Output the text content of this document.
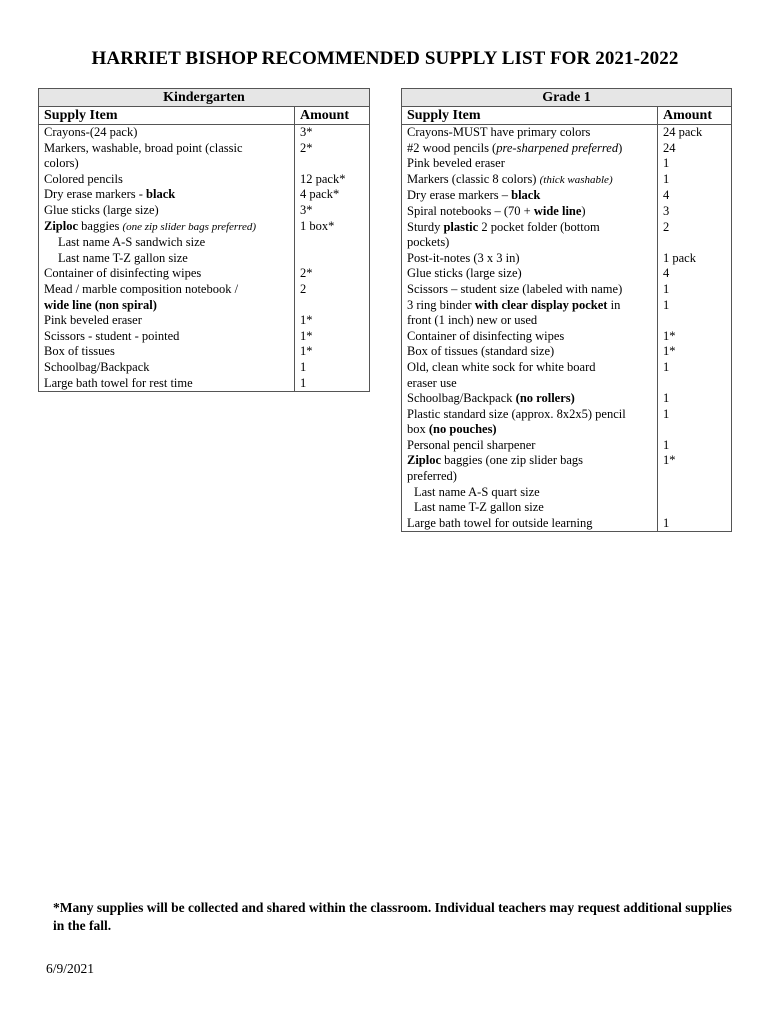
HARRIET BISHOP RECOMMENDED SUPPLY LIST FOR 2021-2022
Kindergarten	
Supply Item	Amount
Crayons-(24 pack)	3*
Markers, washable, broad point (classic
colors)	2*
Colored pencils	12 pack*
Dry erase markers - black	4 pack*
Glue sticks (large size)	3*
Ziploc baggies (one zip slider bags preferred)
Last name A-S sandwich size
Last name T-Z gallon size	1 box*
Container of disinfecting wipes	2*
Mead / marble composition notebook /
wide line (non spiral)	2
Pink beveled eraser	1*
Scissors - student - pointed	1*
Box of tissues	1*
Schoolbag/Backpack	1
Large bath towel for rest time	1
Grade 1	
Supply Item	Amount
Crayons-MUST have primary colors	24 pack
#2 wood pencils (pre-sharpened preferred)	24
Pink beveled eraser	1
Markers (classic 8 colors) (thick washable)	1
Dry erase markers – black	4
Spiral notebooks – (70 + wide line)	3
Sturdy plastic 2 pocket folder (bottom
pockets)	2
Post-it-notes (3 x 3 in)	1 pack
Glue sticks (large size)	4
Scissors – student size (labeled with name)	1
3 ring binder with clear display pocket in
front (1 inch) new or used	1
Container of disinfecting wipes	1*
Box of tissues (standard size)	1*
Old, clean white sock for white board
eraser use	1
Schoolbag/Backpack (no rollers)	1
Plastic standard size (approx. 8x2x5) pencil
box (no pouches)	1
Personal pencil sharpener	1
Ziploc baggies (one zip slider bags
preferred)
Last name A-S quart size
Last name T-Z gallon size	1*
Large bath towel for outside learning	1
*Many supplies will be collected and shared within the classroom. Individual teachers may request additional supplies in the fall.
6/9/2021
